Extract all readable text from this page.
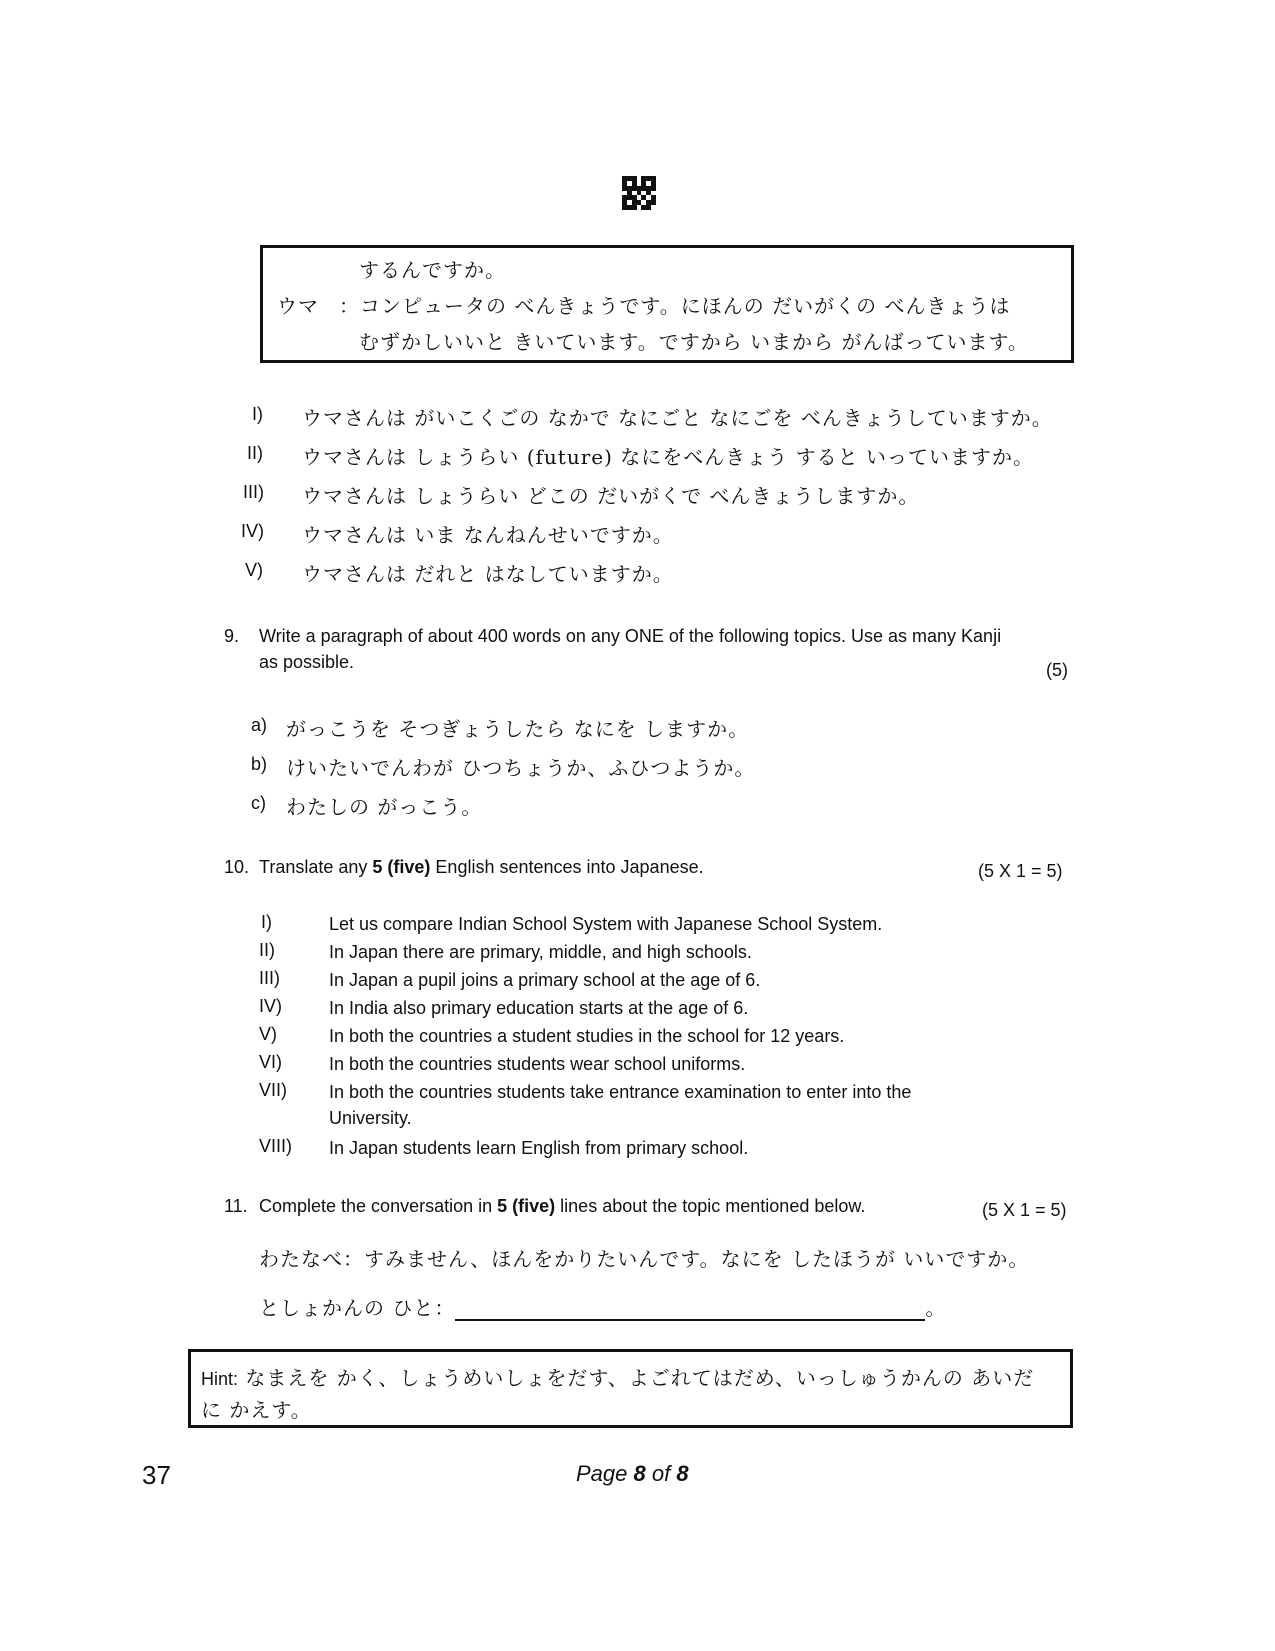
するんですか。
ウマ ：コンピュータの べんきょうです。にほんの だいがくの べんきょうは
むずかしいいと きいています。ですから いまから がんばっています。
I) ウマさんは がいこくごの なかで なにごと なにごを べんきょうしていますか。
II) ウマさんは しょうらい (future) なにをべんきょう すると いっていますか。
III) ウマさんは しょうらい どこの だいがくで べんきょうしますか。
IV) ウマさんは いま なんねんせいですか。
V) ウマさんは だれと はなしていますか。
9. Write a paragraph of about 400 words on any ONE of the following topics. Use as many Kanji
as possible.	(5)
a) がっこうを そつぎょうしたら なにを しますか。
b) けいたいでんわが ひつちょうか、ふひつようか。
c) わたしの がっこう。
10. Translate any 5 (five) English sentences into Japanese.	(5 X 1 = 5)
I)	Let us compare Indian School System with Japanese School System.
II)	In Japan there are primary, middle, and high schools.
III)	In Japan a pupil joins a primary school at the age of 6.
IV)	In India also primary education starts at the age of 6.
V)	In both the countries a student studies in the school for 12 years.
VI)	In both the countries students wear school uniforms.
VII) In both the countries students take entrance examination to enter into the
University.
VIII) In Japan students learn English from primary school.
11. Complete the conversation in 5 (five) lines about the topic mentioned below.	(5 X 1 = 5)
わたなべ：すみません、ほんをかりたいんです。なにを したほうが いいですか。
としょかんの ひと：	。
Hint: なまえを かく、しょうめいしょをだす、よごれてはだめ、いっしゅうかんの あいだ
に かえす。
37	Page 8 of 8
